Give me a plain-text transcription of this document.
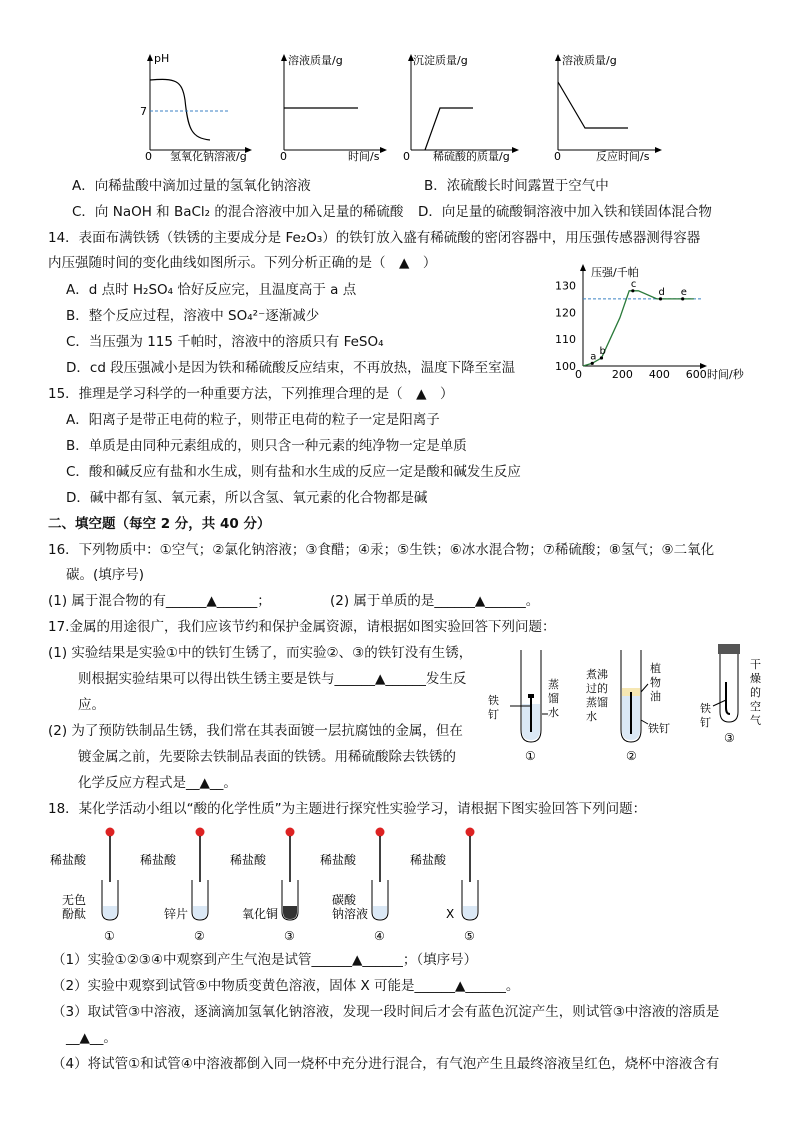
pH
7
0 氢氧化钠溶液/g
溶液质量/g
0	时间/s
沉淀质量/g
0 稀硫酸的质量/g
溶液质量/g
0	反应时间/s
A．向稀盐酸中滴加过量的氢氧化钠溶液	B．浓硫酸长时间露置于空气中
C．向 NaOH 和 BaCl₂ 的混合溶液中加入足量的稀硫酸 D．向足量的硫酸铜溶液中加入铁和镁固体混合物
14．表面布满铁锈（铁锈的主要成分是 Fe₂O₃）的铁钉放入盛有稀硫酸的密闭容器中，用压强传感器测得容器
内压强随时间的变化曲线如图所示。下列分析正确的是（　▲　）
A．d 点时 H₂SO₄ 恰好反应完，且温度高于 a 点
B．整个反应过程，溶液中 SO₄²⁻逐渐减少
C．当压强为 115 千帕时，溶液中的溶质只有 FeSO₄
D．cd 段压强减小是因为铁和稀硫酸反应结束，不再放热，温度下降至室温
压强/千帕
时间/秒
100
110
120
130
0	200 400 600
a b
c
d e
15．推理是学习科学的一种重要方法，下列推理合理的是（　▲　）
A．阳离子是带正电荷的粒子，则带正电荷的粒子一定是阳离子
B．单质是由同种元素组成的，则只含一种元素的纯净物一定是单质
C．酸和碱反应有盐和水生成，则有盐和水生成的反应一定是酸和碱发生反应
D．碱中都有氢、氧元素，所以含氢、氧元素的化合物都是碱
二、填空题（每空 2 分，共 40 分）
16．下列物质中：①空气；②氯化钠溶液；③食醋；④汞；⑤生铁；⑥冰水混合物；⑦稀硫酸；⑧氢气；⑨二氧化
碳。(填序号)
(1) 属于混合物的有______▲______；	(2) 属于单质的是______▲______。
17.金属的用途很广，我们应该节约和保护金属资源，请根据如图实验回答下列问题：
(1) 实验结果是实验①中的铁钉生锈了，而实验②、③的铁钉没有生锈，
则根据实验结果可以得出铁生锈主要是铁与______▲______发生反
应。
(2) 为了预防铁制品生锈，我们常在其表面镀一层抗腐蚀的金属，但在
镀金属之前，先要除去铁制品表面的铁锈。用稀硫酸除去铁锈的
化学反应方程式是__▲__。
铁
钉
蒸
馏
水
①
煮沸
过的
蒸馏
水
植
物
油
铁钉
②
干
燥
的
空
气
铁
钉
③
18．某化学活动小组以“酸的化学性质”为主题进行探究性实验学习，请根据下图实验回答下列问题：
稀盐酸
无色
酚酞
①
稀盐酸
锌片
②
稀盐酸
氧化铜
③
稀盐酸
碳酸
钠溶液
④
稀盐酸
X
⑤
（1）实验①②③④中观察到产生气泡是试管______▲______；（填序号）
（2）实验中观察到试管⑤中物质变黄色溶液，固体 X 可能是______▲______。
（3）取试管③中溶液，逐滴滴加氢氧化钠溶液，发现一段时间后才会有蓝色沉淀产生，则试管③中溶液的溶质是
__▲__。
（4）将试管①和试管④中溶液都倒入同一烧杯中充分进行混合，有气泡产生且最终溶液呈红色，烧杯中溶液含有
